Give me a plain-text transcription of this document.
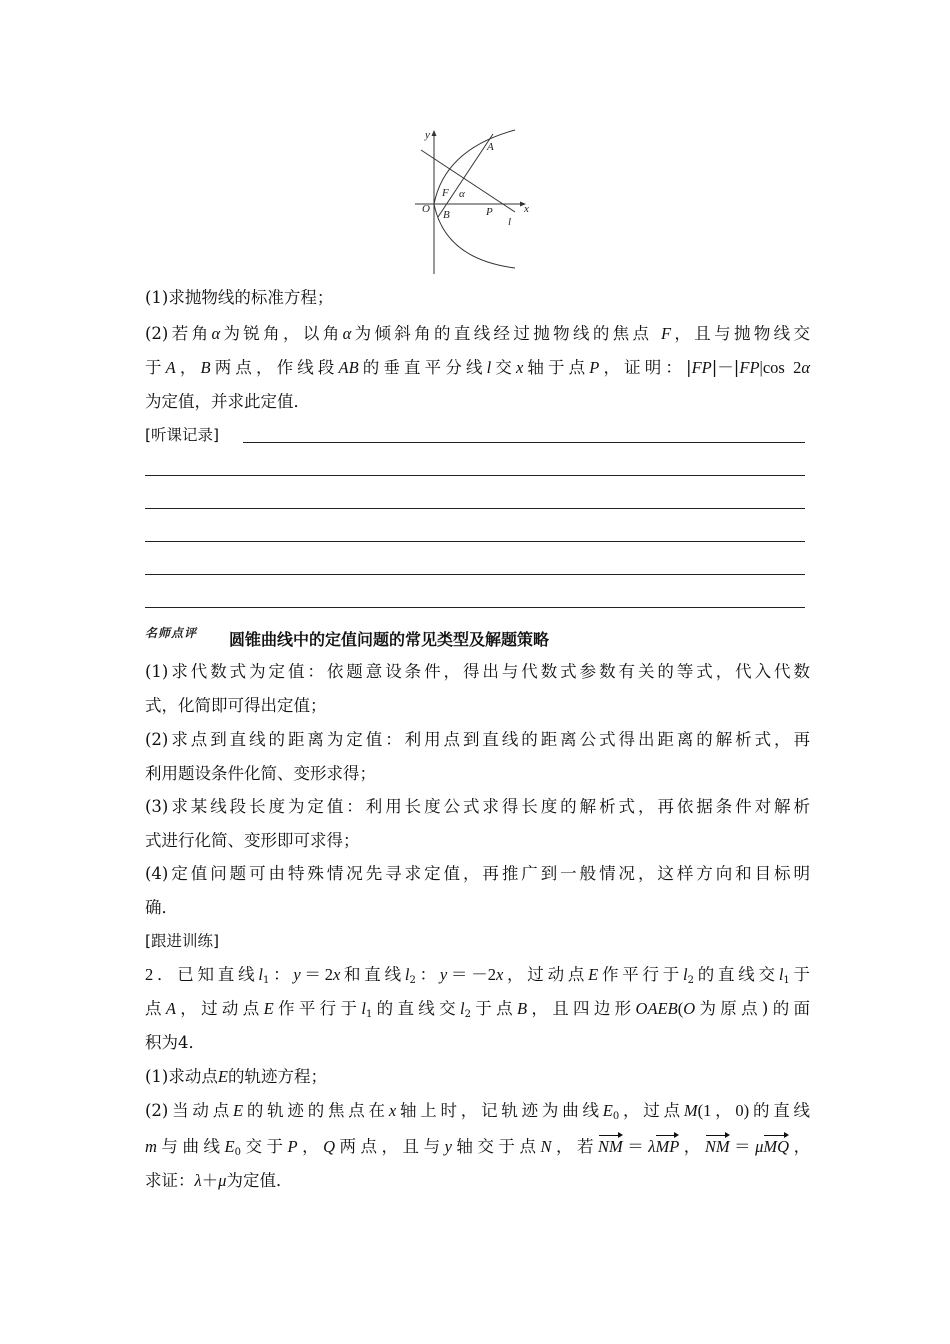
y
x
O
A
B
F α
P
l
(1)求抛物线的标准方程；
(2)若角α为锐角，以角α为倾斜角的直线经过抛物线的焦点 F，且与抛物线交
于A，B两点，作线段AB的垂直平分线l交x轴于点P，证明：|FP|－|FP|cos 2α
为定值，并求此定值．
[听课记录]
名师点评 圆锥曲线中的定值问题的常见类型及解题策略
(1)求代数式为定值：依题意设条件，得出与代数式参数有关的等式，代入代数
式，化简即可得出定值；
(2)求点到直线的距离为定值：利用点到直线的距离公式得出距离的解析式，再
利用题设条件化简、变形求得；
(3)求某线段长度为定值：利用长度公式求得长度的解析式，再依据条件对解析
式进行化简、变形即可求得；
(4)定值问题可由特殊情况先寻求定值，再推广到一般情况，这样方向和目标明
确．
[跟进训练]
2．已知直线$l_1$：y＝2x和直线$l_2$：y＝－2x，过动点E作平行于$l_2$的直线交$l_1$于
点A，过动点E作平行于$l_1$的直线交$l_2$于点B，且四边形OAEB(O为原点)的面
积为4．
(1)求动点E的轨迹方程；
(2)当动点E的轨迹的焦点在x轴上时，记轨迹为曲线$E_0$，过点M(1，0)的直线
m与曲线$E_0$交于P，Q两点，且与y轴交于点N，若NM＝λMP，NM＝μMQ，
求证：λ＋μ为定值．
